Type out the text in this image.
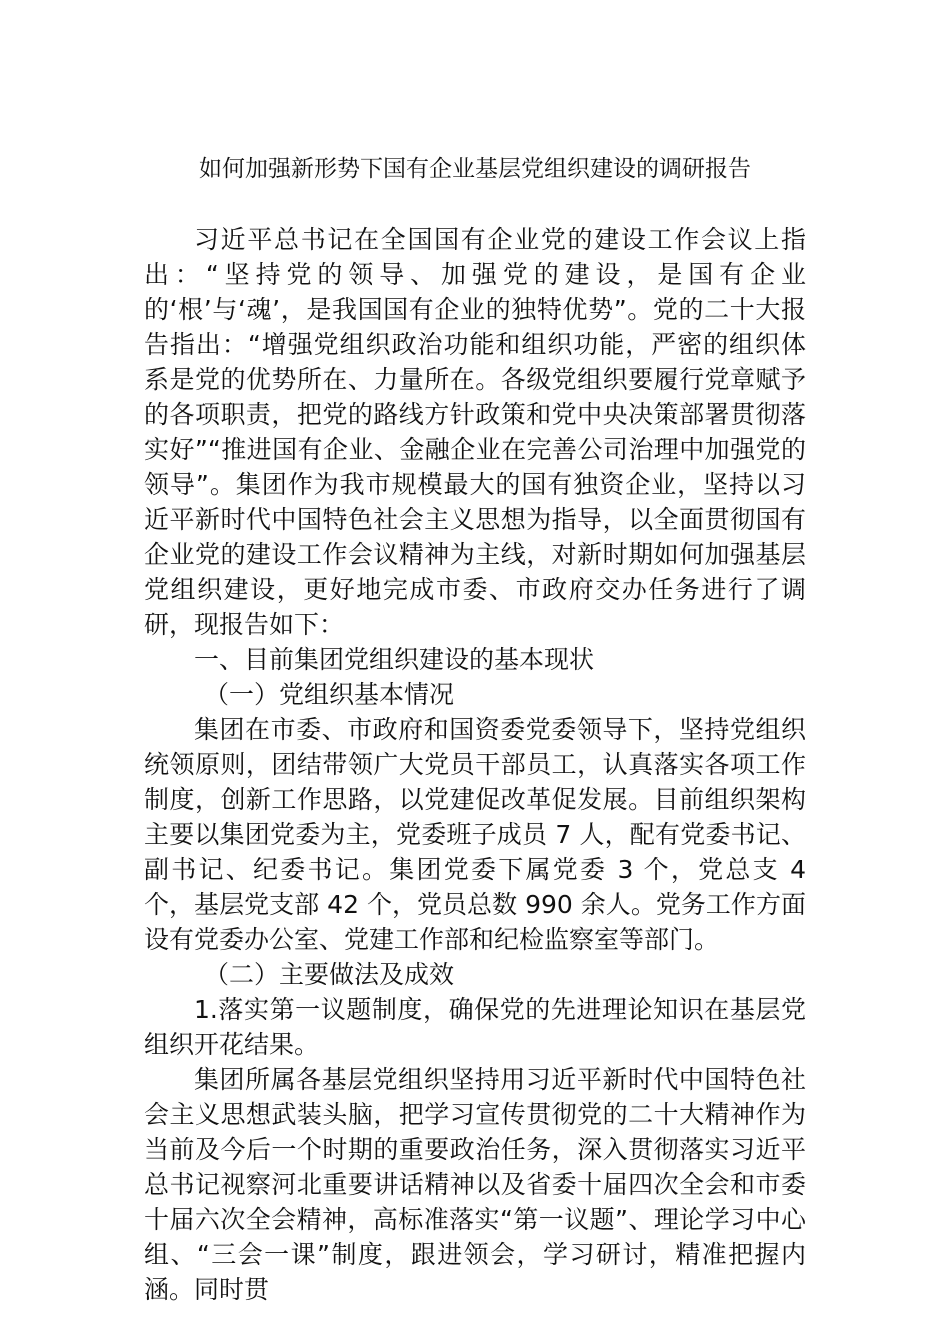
如何加强新形势下国有企业基层党组织建设的调研报告

习近平总书记在全国国有企业党的建设工作会议上指出：“坚持党的领导、加强党的建设，是国有企业的‘根’与‘魂’，是我国国有企业的独特优势”。党的二十大报告指出：“增强党组织政治功能和组织功能，严密的组织体系是党的优势所在、力量所在。各级党组织要履行党章赋予的各项职责，把党的路线方针政策和党中央决策部署贯彻落实好”“推进国有企业、金融企业在完善公司治理中加强党的领导”。集团作为我市规模最大的国有独资企业，坚持以习近平新时代中国特色社会主义思想为指导，以全面贯彻国有企业党的建设工作会议精神为主线，对新时期如何加强基层党组织建设，更好地完成市委、市政府交办任务进行了调研，现报告如下：

一、目前集团党组织建设的基本现状

（一）党组织基本情况

集团在市委、市政府和国资委党委领导下，坚持党组织统领原则，团结带领广大党员干部员工，认真落实各项工作制度，创新工作思路，以党建促改革促发展。目前组织架构主要以集团党委为主，党委班子成员 7 人，配有党委书记、副书记、纪委书记。集团党委下属党委 3 个，党总支 4 个，基层党支部 42 个，党员总数 990 余人。党务工作方面设有党委办公室、党建工作部和纪检监察室等部门。

（二）主要做法及成效

1.落实第一议题制度，确保党的先进理论知识在基层党组织开花结果。

集团所属各基层党组织坚持用习近平新时代中国特色社会主义思想武装头脑，把学习宣传贯彻党的二十大精神作为当前及今后一个时期的重要政治任务，深入贯彻落实习近平总书记视察河北重要讲话精神以及省委十届四次全会和市委十届六次全会精神，高标准落实“第一议题”、理论学习中心组、“三会一课”制度，跟进领会，学习研讨，精准把握内涵。同时贯
